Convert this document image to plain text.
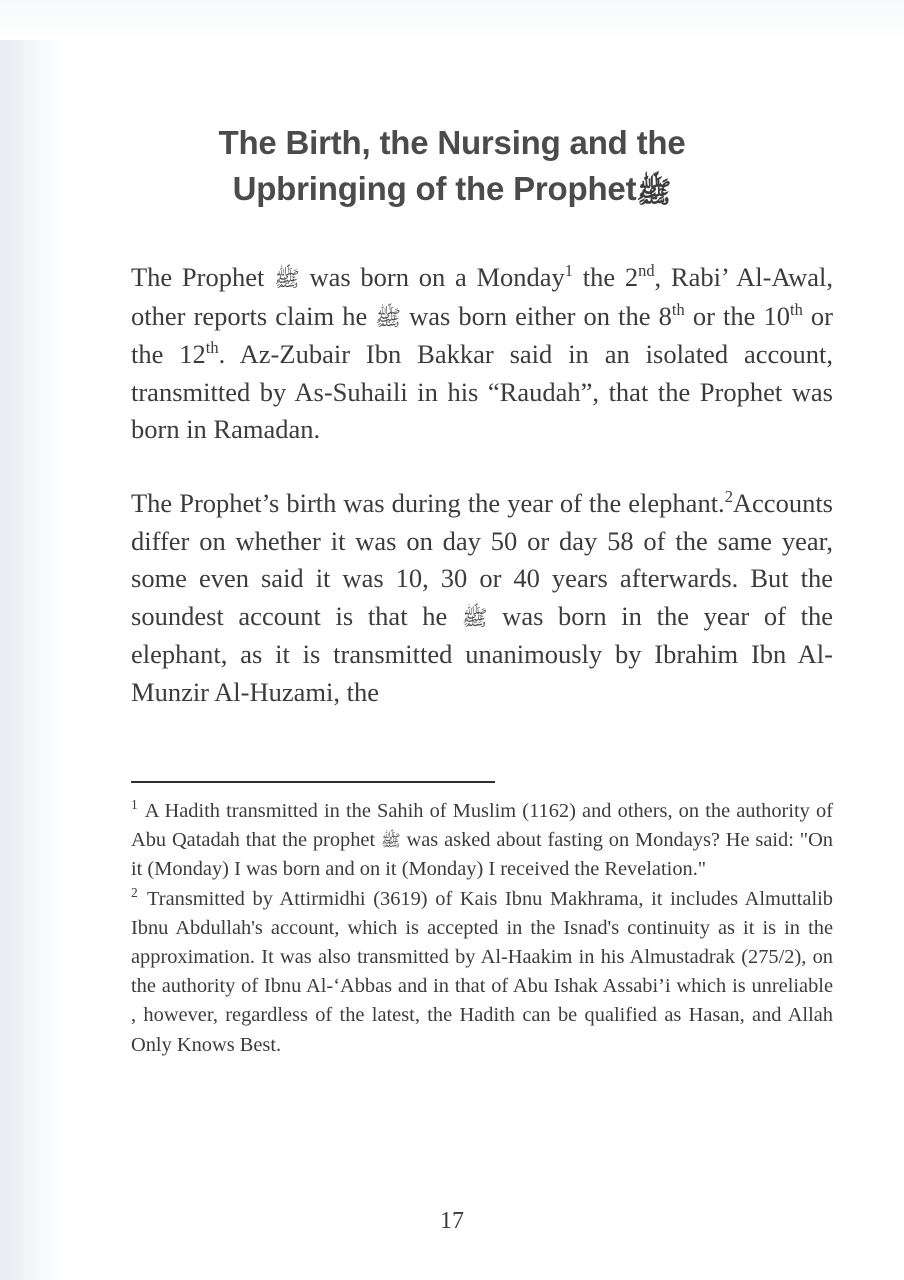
The Birth, the Nursing and the
Upbringing of the Prophetﷺ

The Prophet ﷺ was born on a Monday$^1$ the 2nd, Rabi’ Al-Awal, other reports claim he ﷺ was born either on the 8th or the 10th or the 12th. Az-Zubair Ibn Bakkar said in an isolated account, transmitted by As-Suhaili in his “Raudah”, that the Prophet was born in Ramadan.

The Prophet’s birth was during the year of the elephant.$^2$Accounts differ on whether it was on day 50 or day 58 of the same year, some even said it was 10, 30 or 40 years afterwards. But the soundest account is that he ﷺ was born in the year of the elephant, as it is transmitted unanimously by Ibrahim Ibn Al-Munzir Al-Huzami, the

$^1$ A Hadith transmitted in the Sahih of Muslim (1162) and others, on the authority of Abu Qatadah that the prophet ﷺ was asked about fasting on Mondays? He said: "On it (Monday) I was born and on it (Monday) I received the Revelation."

$^2$ Transmitted by Attirmidhi (3619) of Kais Ibnu Makhrama, it includes Almuttalib Ibnu Abdullah's account, which is accepted in the Isnad's continuity as it is in the approximation. It was also transmitted by Al-Haakim in his Almustadrak (275/2), on the authority of Ibnu Al-‘Abbas and in that of Abu Ishak Assabi’i which is unreliable , however, regardless of the latest, the Hadith can be qualified as Hasan, and Allah Only Knows Best.

17
